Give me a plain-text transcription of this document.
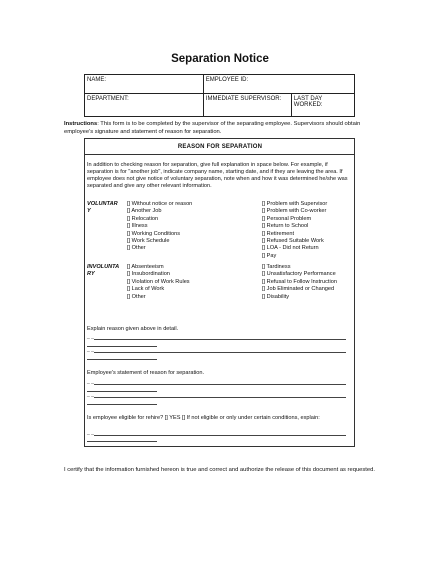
Separation Notice
NAME:	EMPLOYEE ID:	
DEPARTMENT:	IMMEDIATE SUPERVISOR:	LAST DAY WORKED:
Instructions: This form is to be completed by the supervisor of the separating employee. Supervisors should obtain employee's signature and statement of reason for separation.
REASON FOR SEPARATION
In addition to checking reason for separation, give full explanation in space below. For example, if separation is for "another job", indicate company name, starting date, and if they are leaving the area. If employee does not give notice of voluntary separation, note when and how it was determined he/she was separated and give any other relevant information.
VOLUNTARY
[] Without notice or reason
[] Another Job
[] Relocation
[] Illness
[] Working Conditions
[] Work Schedule
[] Other
[] Problem with Supervisor
[] Problem with Co-worker
[] Personal Problem
[] Return to School
[] Retirement
[] Refused Suitable Work
[] LOA - Did not Return
[] Pay
INVOLUNTARY
[] Absenteeism
[] Insubordination
[] Violation of Work Rules
[] Lack of Work
[] Other
[] Tardiness
[] Unsatisfactory Performance
[] Refusal to Follow Instruction
[] Job Eliminated or Changed
[] Disability
Explain reason given above in detail.
_ _
_ _
Employee's statement of reason for separation.
_ _
_ _
Is employee eligible for rehire? [] YES [] If not eligible or only under certain conditions, explain:
_ _
I certify that the information furnished hereon is true and correct and authorize the release of this document as requested.
